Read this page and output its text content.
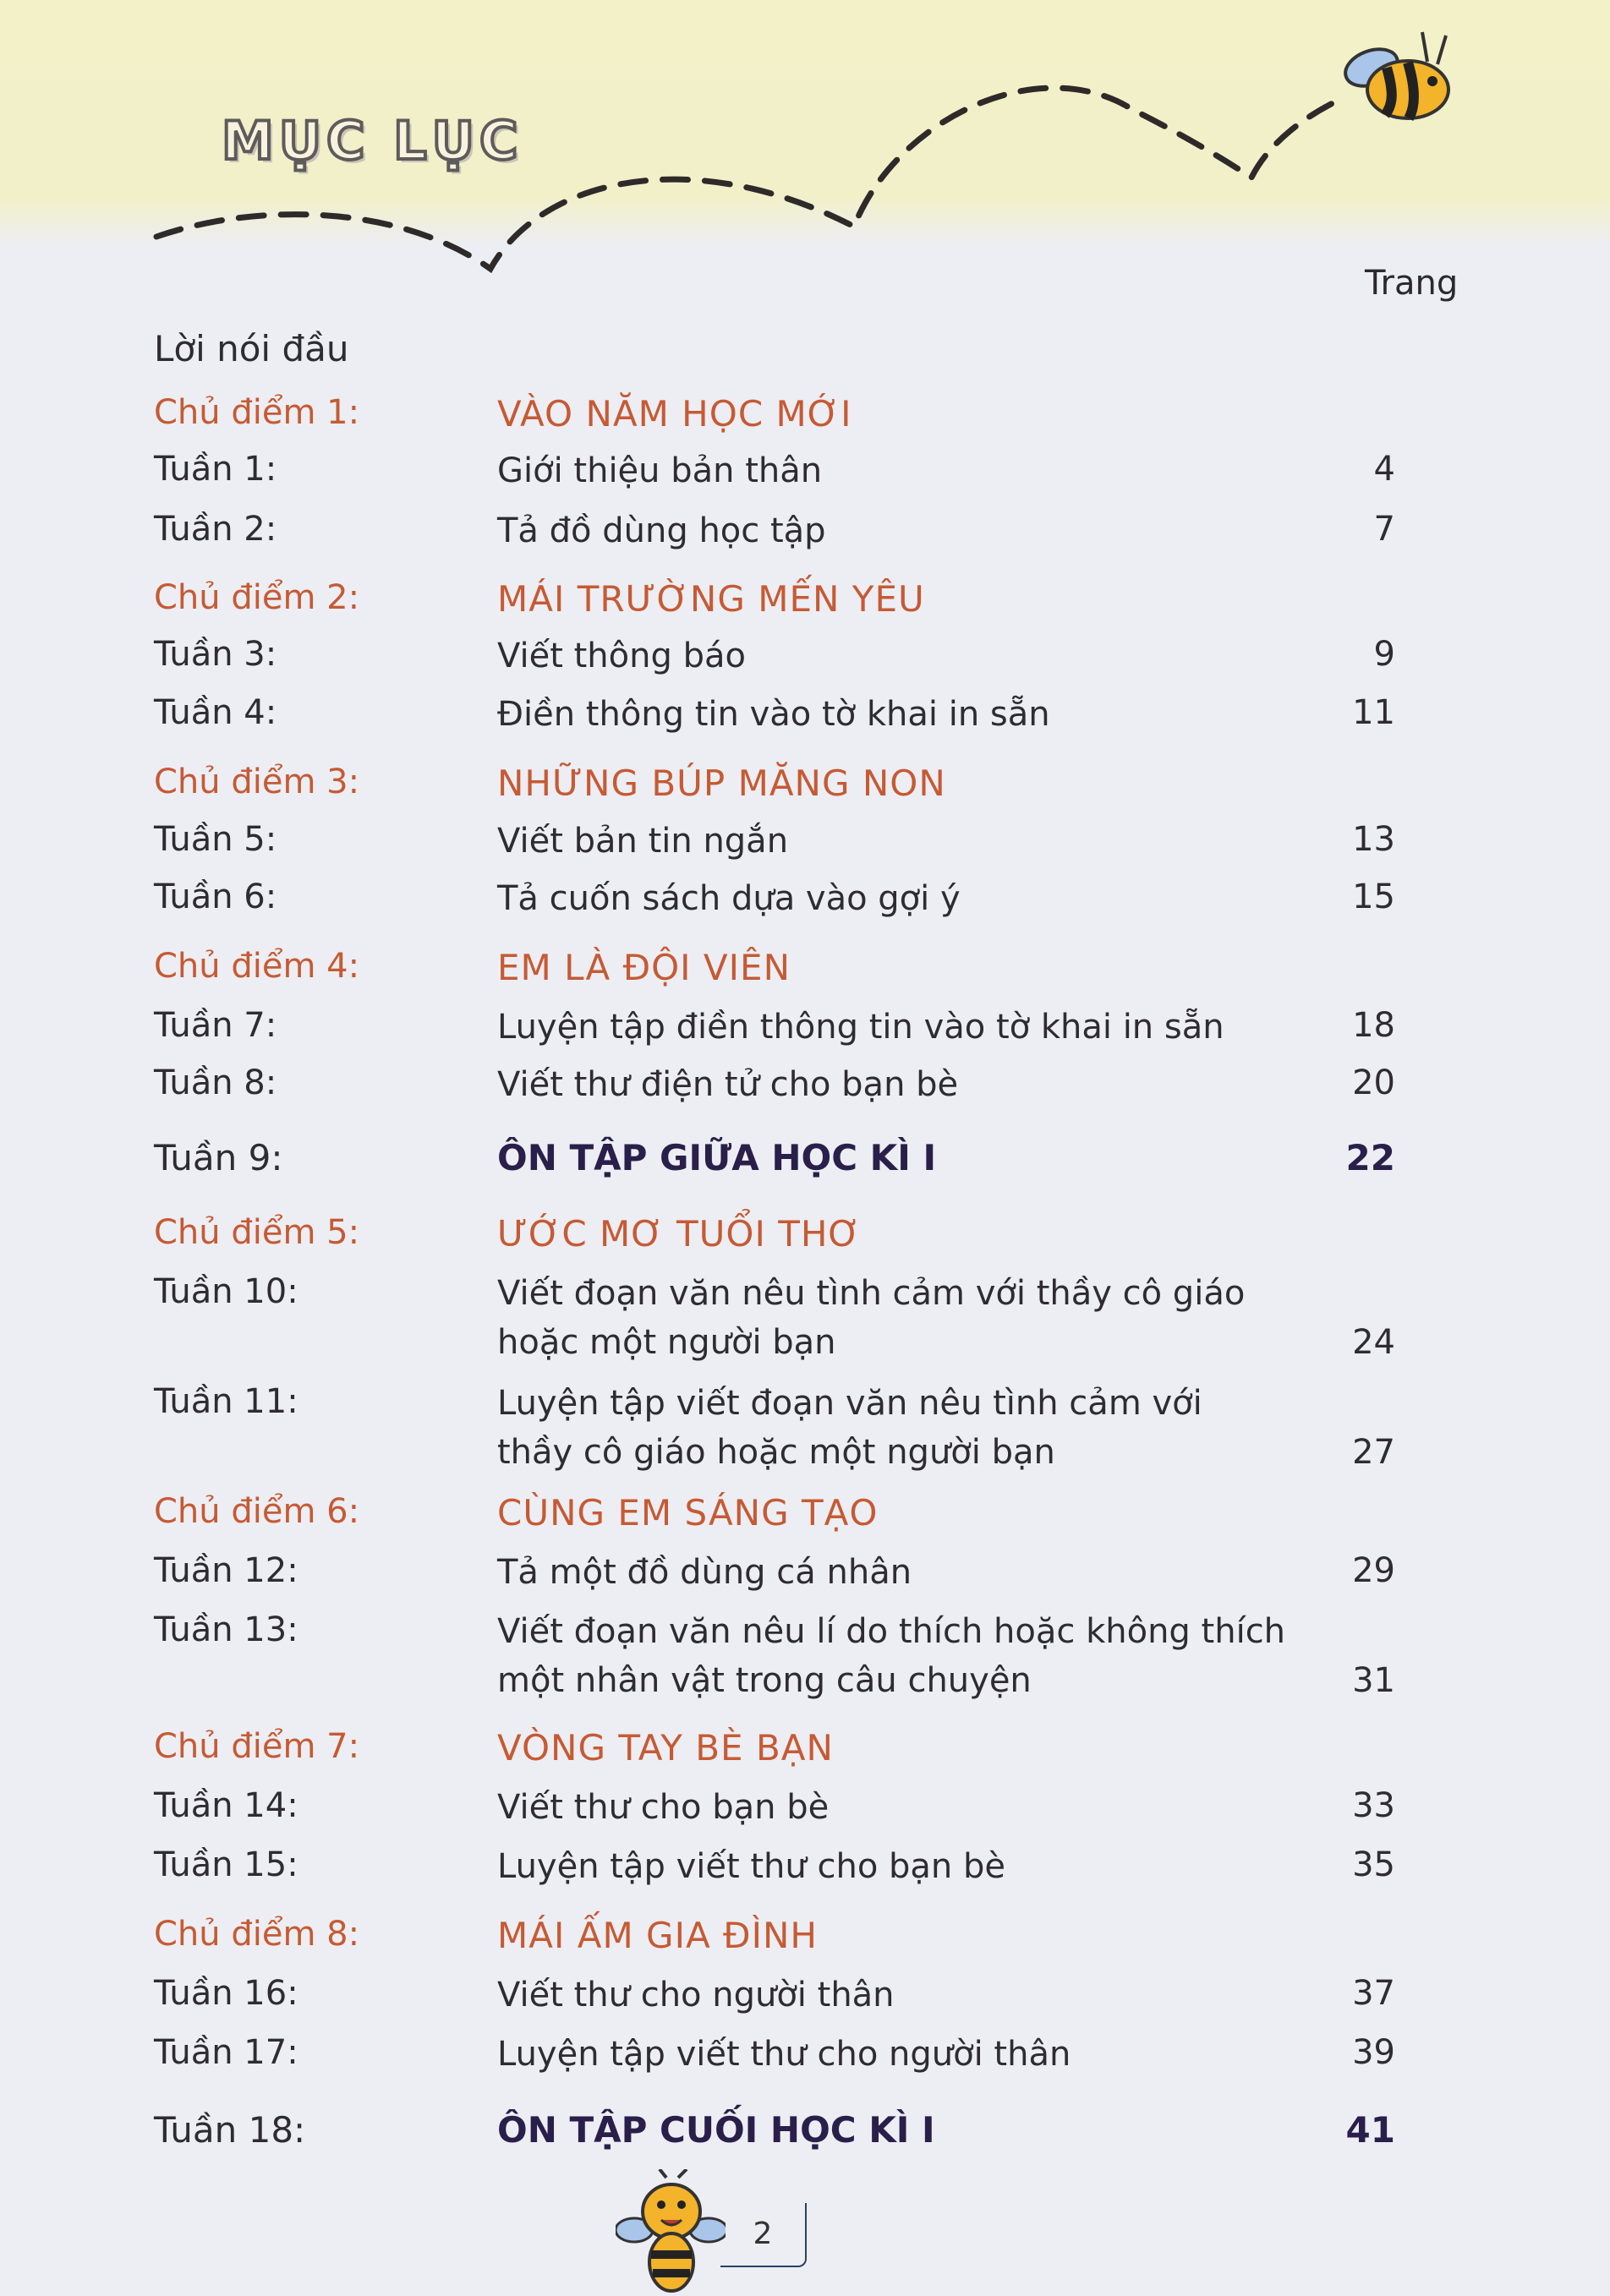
MỤC LỤC
Trang
Lời nói đầu
Chủ điểm 1:	VÀO NĂM HỌC MỚI
Tuần 1:	Giới thiệu bản thân	4
Tuần 2:	Tả đồ dùng học tập	7
Chủ điểm 2:	MÁI TRƯỜNG MẾN YÊU
Tuần 3:	Viết thông báo	9
Tuần 4:	Điền thông tin vào tờ khai in sẵn	11
Chủ điểm 3:	NHỮNG BÚP MĂNG NON
Tuần 5:	Viết bản tin ngắn	13
Tuần 6:	Tả cuốn sách dựa vào gợi ý	15
Chủ điểm 4:	EM LÀ ĐỘI VIÊN
Tuần 7:	Luyện tập điền thông tin vào tờ khai in sẵn	18
Tuần 8:	Viết thư điện tử cho bạn bè	20
Tuần 9:	ÔN TẬP GIỮA HỌC KÌ I	22
Chủ điểm 5:	ƯỚC MƠ TUỔI THƠ
Tuần 10:	Viết đoạn văn nêu tình cảm với thầy cô giáo
hoặc một người bạn	24
Tuần 11:	Luyện tập viết đoạn văn nêu tình cảm với
thầy cô giáo hoặc một người bạn	27
Chủ điểm 6:	CÙNG EM SÁNG TẠO
Tuần 12:	Tả một đồ dùng cá nhân	29
Tuần 13:	Viết đoạn văn nêu lí do thích hoặc không thích
một nhân vật trong câu chuyện	31
Chủ điểm 7:	VÒNG TAY BÈ BẠN
Tuần 14:	Viết thư cho bạn bè	33
Tuần 15:	Luyện tập viết thư cho bạn bè	35
Chủ điểm 8:	MÁI ẤM GIA ĐÌNH
Tuần 16:	Viết thư cho người thân	37
Tuần 17:	Luyện tập viết thư cho người thân	39
Tuần 18:	ÔN TẬP CUỐI HỌC KÌ I	41
2
